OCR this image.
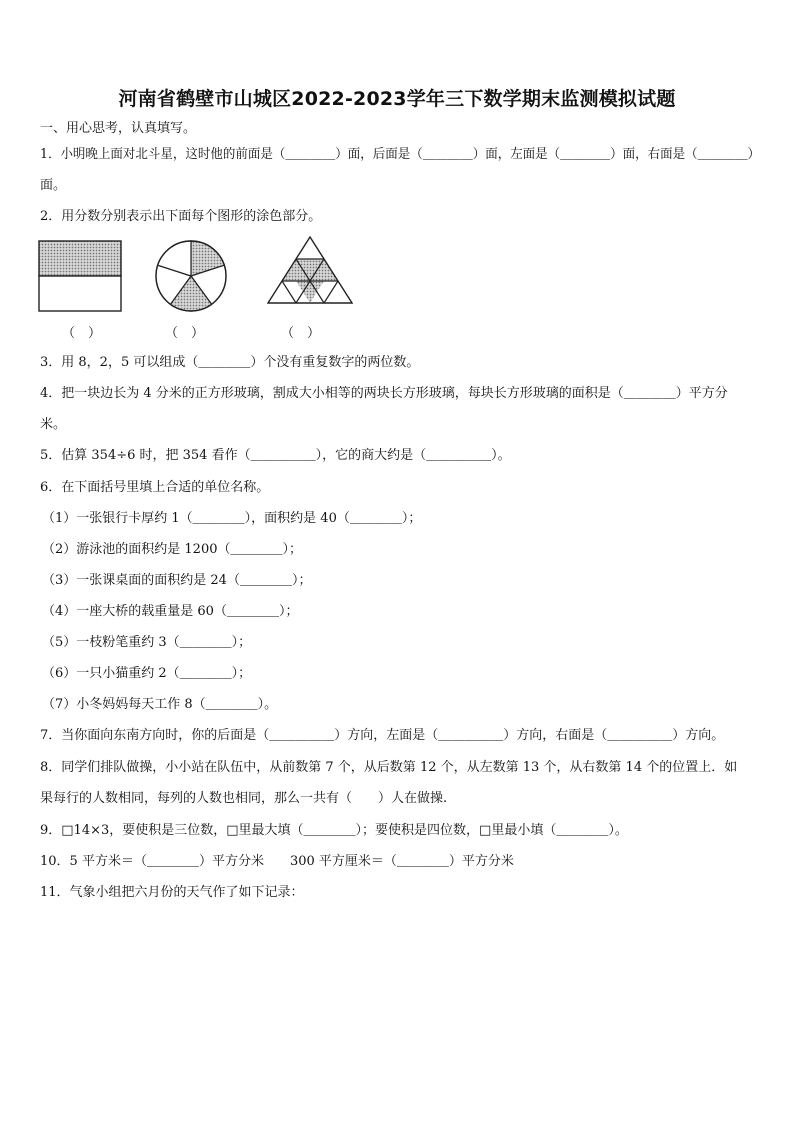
河南省鹤壁市山城区2022-2023学年三下数学期末监测模拟试题
一、用心思考，认真填写。
1．小明晚上面对北斗星，这时他的前面是（＿＿＿＿）面，后面是（＿＿＿＿）面，左面是（＿＿＿＿）面，右面是（＿＿＿＿）
面。
2．用分数分别表示出下面每个图形的涂色部分。
（　）	（　）	（　）
3．用 8，2，5 可以组成（＿＿＿＿）个没有重复数字的两位数。
4．把一块边长为 4 分米的正方形玻璃，割成大小相等的两块长方形玻璃，每块长方形玻璃的面积是（＿＿＿＿）平方分
米。
5．估算 354÷6 时，把 354 看作（＿＿＿＿＿），它的商大约是（＿＿＿＿＿）。
6．在下面括号里填上合适的单位名称。
（1）一张银行卡厚约 1（＿＿＿＿），面积约是 40（＿＿＿＿）；
（2）游泳池的面积约是 1200（＿＿＿＿）；
（3）一张课桌面的面积约是 24（＿＿＿＿）；
（4）一座大桥的载重量是 60（＿＿＿＿）；
（5）一枝粉笔重约 3（＿＿＿＿）；
（6）一只小猫重约 2（＿＿＿＿）；
（7）小冬妈妈每天工作 8（＿＿＿＿）。
7．当你面向东南方向时，你的后面是（＿＿＿＿＿）方向，左面是（＿＿＿＿＿）方向，右面是（＿＿＿＿＿）方向。
8．同学们排队做操，小小站在队伍中，从前数第 7 个，从后数第 12 个，从左数第 13 个，从右数第 14 个的位置上．如
果每行的人数相同，每列的人数也相同，那么一共有（　　）人在做操.
9．□14×3，要使积是三位数，□里最大填（＿＿＿＿）；要使积是四位数，□里最小填（＿＿＿＿）。
10．5 平方米＝（＿＿＿＿）平方分米　　300 平方厘米＝（＿＿＿＿）平方分米
11．气象小组把六月份的天气作了如下记录：
